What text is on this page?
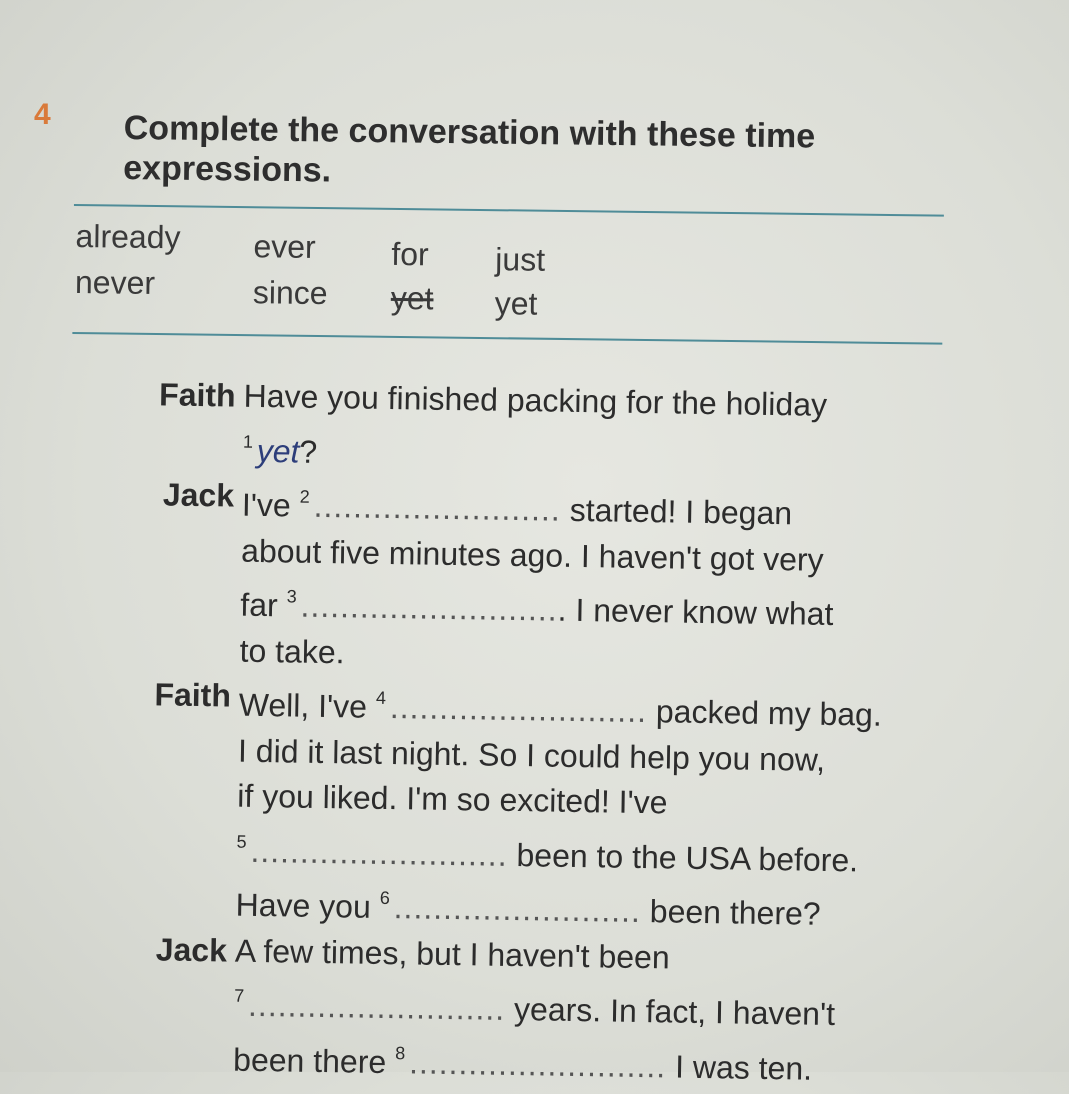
4 Complete the conversation with these time
expressions.
already ever for just
never	since yet yet
Faith Have you finished packing for the holiday
$^1$ yet?
Jack I've $^2$ ......................... started! I began
about five minutes ago. I haven't got very
far $^3$ ........................... I never know what
to take.
Faith Well, I've $^4$ .......................... packed my bag.
I did it last night. So I could help you now,
if you liked. I'm so excited! I've
$^5$ .......................... been to the USA before.
Have you $^6$ ......................... been there?
Jack A few times, but I haven't been
$^7$ .......................... years. In fact, I haven't
been there $^8$ .......................... I was ten.
